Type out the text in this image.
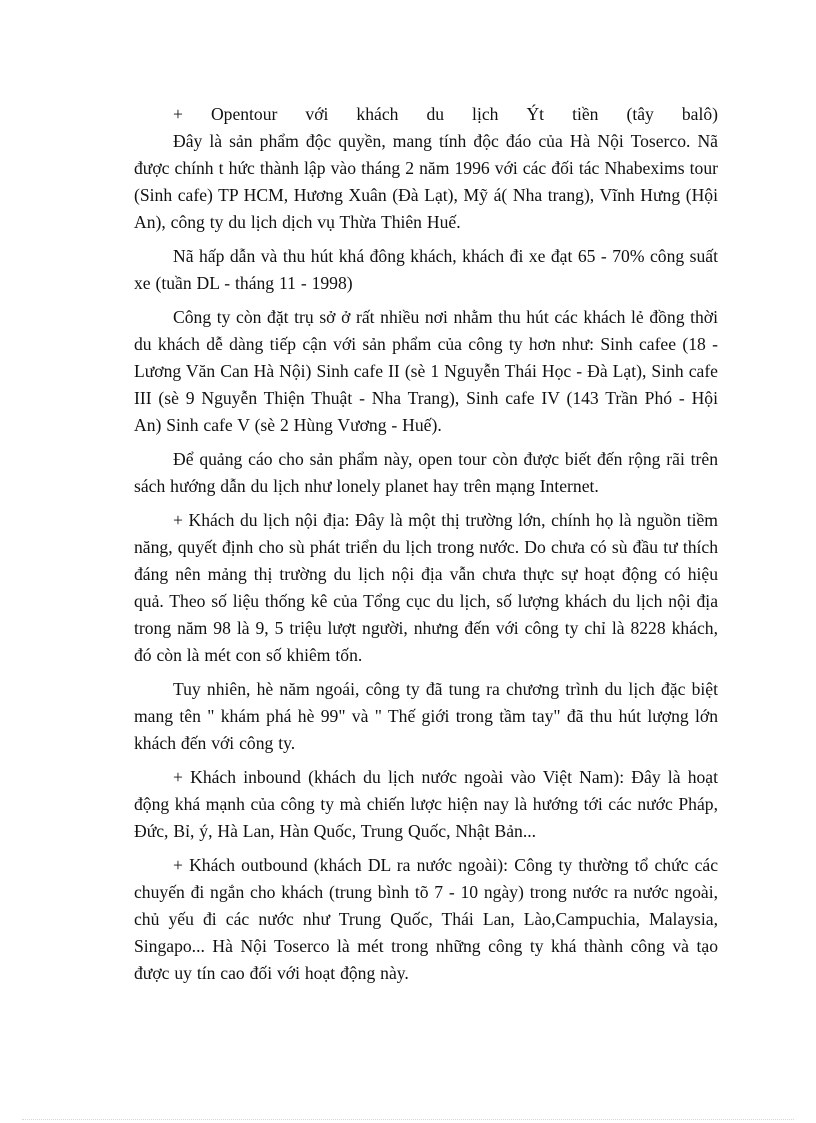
+ Opentour với khách du lịch Ýt tiền (tây balô)

Đây là sản phẩm độc quyền, mang tính độc đáo của Hà Nội Toserco. Nã được chính t hức thành lập vào tháng 2 năm 1996 với các đối tác Nhabexims tour (Sinh cafe) TP HCM, Hương Xuân (Đà Lạt), Mỹ á( Nha trang), Vĩnh Hưng (Hội An), công ty du lịch dịch vụ Thừa Thiên Huế.

Nã hấp dẫn và thu hút khá đông khách, khách đi xe đạt 65 - 70% công suất xe (tuần DL - tháng 11 - 1998)

Công ty còn đặt trụ sở ở rất nhiều nơi nhằm thu hút các khách lẻ đồng thời du khách dễ dàng tiếp cận với sản phẩm của công ty hơn như: Sinh cafee (18 - Lương Văn Can Hà Nội) Sinh cafe II (sè 1 Nguyễn Thái Học - Đà Lạt), Sinh cafe III (sè 9 Nguyễn Thiện Thuật - Nha Trang), Sinh cafe IV (143 Trần Phó - Hội An) Sinh cafe V (sè 2 Hùng Vương - Huế).

Để quảng cáo cho sản phẩm này, open tour còn được biết đến rộng rãi trên sách hướng dẫn du lịch như lonely planet hay trên mạng Internet.

+ Khách du lịch nội địa: Đây là một thị trường lớn, chính họ là nguồn tiềm năng, quyết định cho sù phát triển du lịch trong nước. Do chưa có sù đầu tư thích đáng nên mảng thị trường du lịch nội địa vẫn chưa thực sự hoạt động có hiệu quả. Theo số liệu thống kê của Tổng cục du lịch, số lượng khách du lịch nội địa trong năm 98 là 9, 5 triệu lượt người, nhưng đến với công ty chỉ là 8228 khách, đó còn là mét con số khiêm tốn.

Tuy nhiên, hè năm ngoái, công ty đã tung ra chương trình du lịch đặc biệt mang tên " khám phá hè 99" và " Thế giới trong tầm tay" đã thu hút lượng lớn khách đến với công ty.

+ Khách inbound (khách du lịch nước ngoài vào Việt Nam): Đây là hoạt động khá mạnh của công ty mà chiến lược hiện nay là hướng tới các nước Pháp, Đức, Bỉ, ý, Hà Lan, Hàn Quốc, Trung Quốc, Nhật Bản...

+ Khách outbound (khách DL ra nước ngoài): Công ty thường tổ chức các chuyến đi ngắn cho khách (trung bình tõ 7 - 10 ngày) trong nước ra nước ngoài, chủ yếu đi các nước như Trung Quốc, Thái Lan, Lào,Campuchia, Malaysia, Singapo... Hà Nội Toserco là mét trong những công ty khá thành công và tạo được uy tín cao đối với hoạt động này.
